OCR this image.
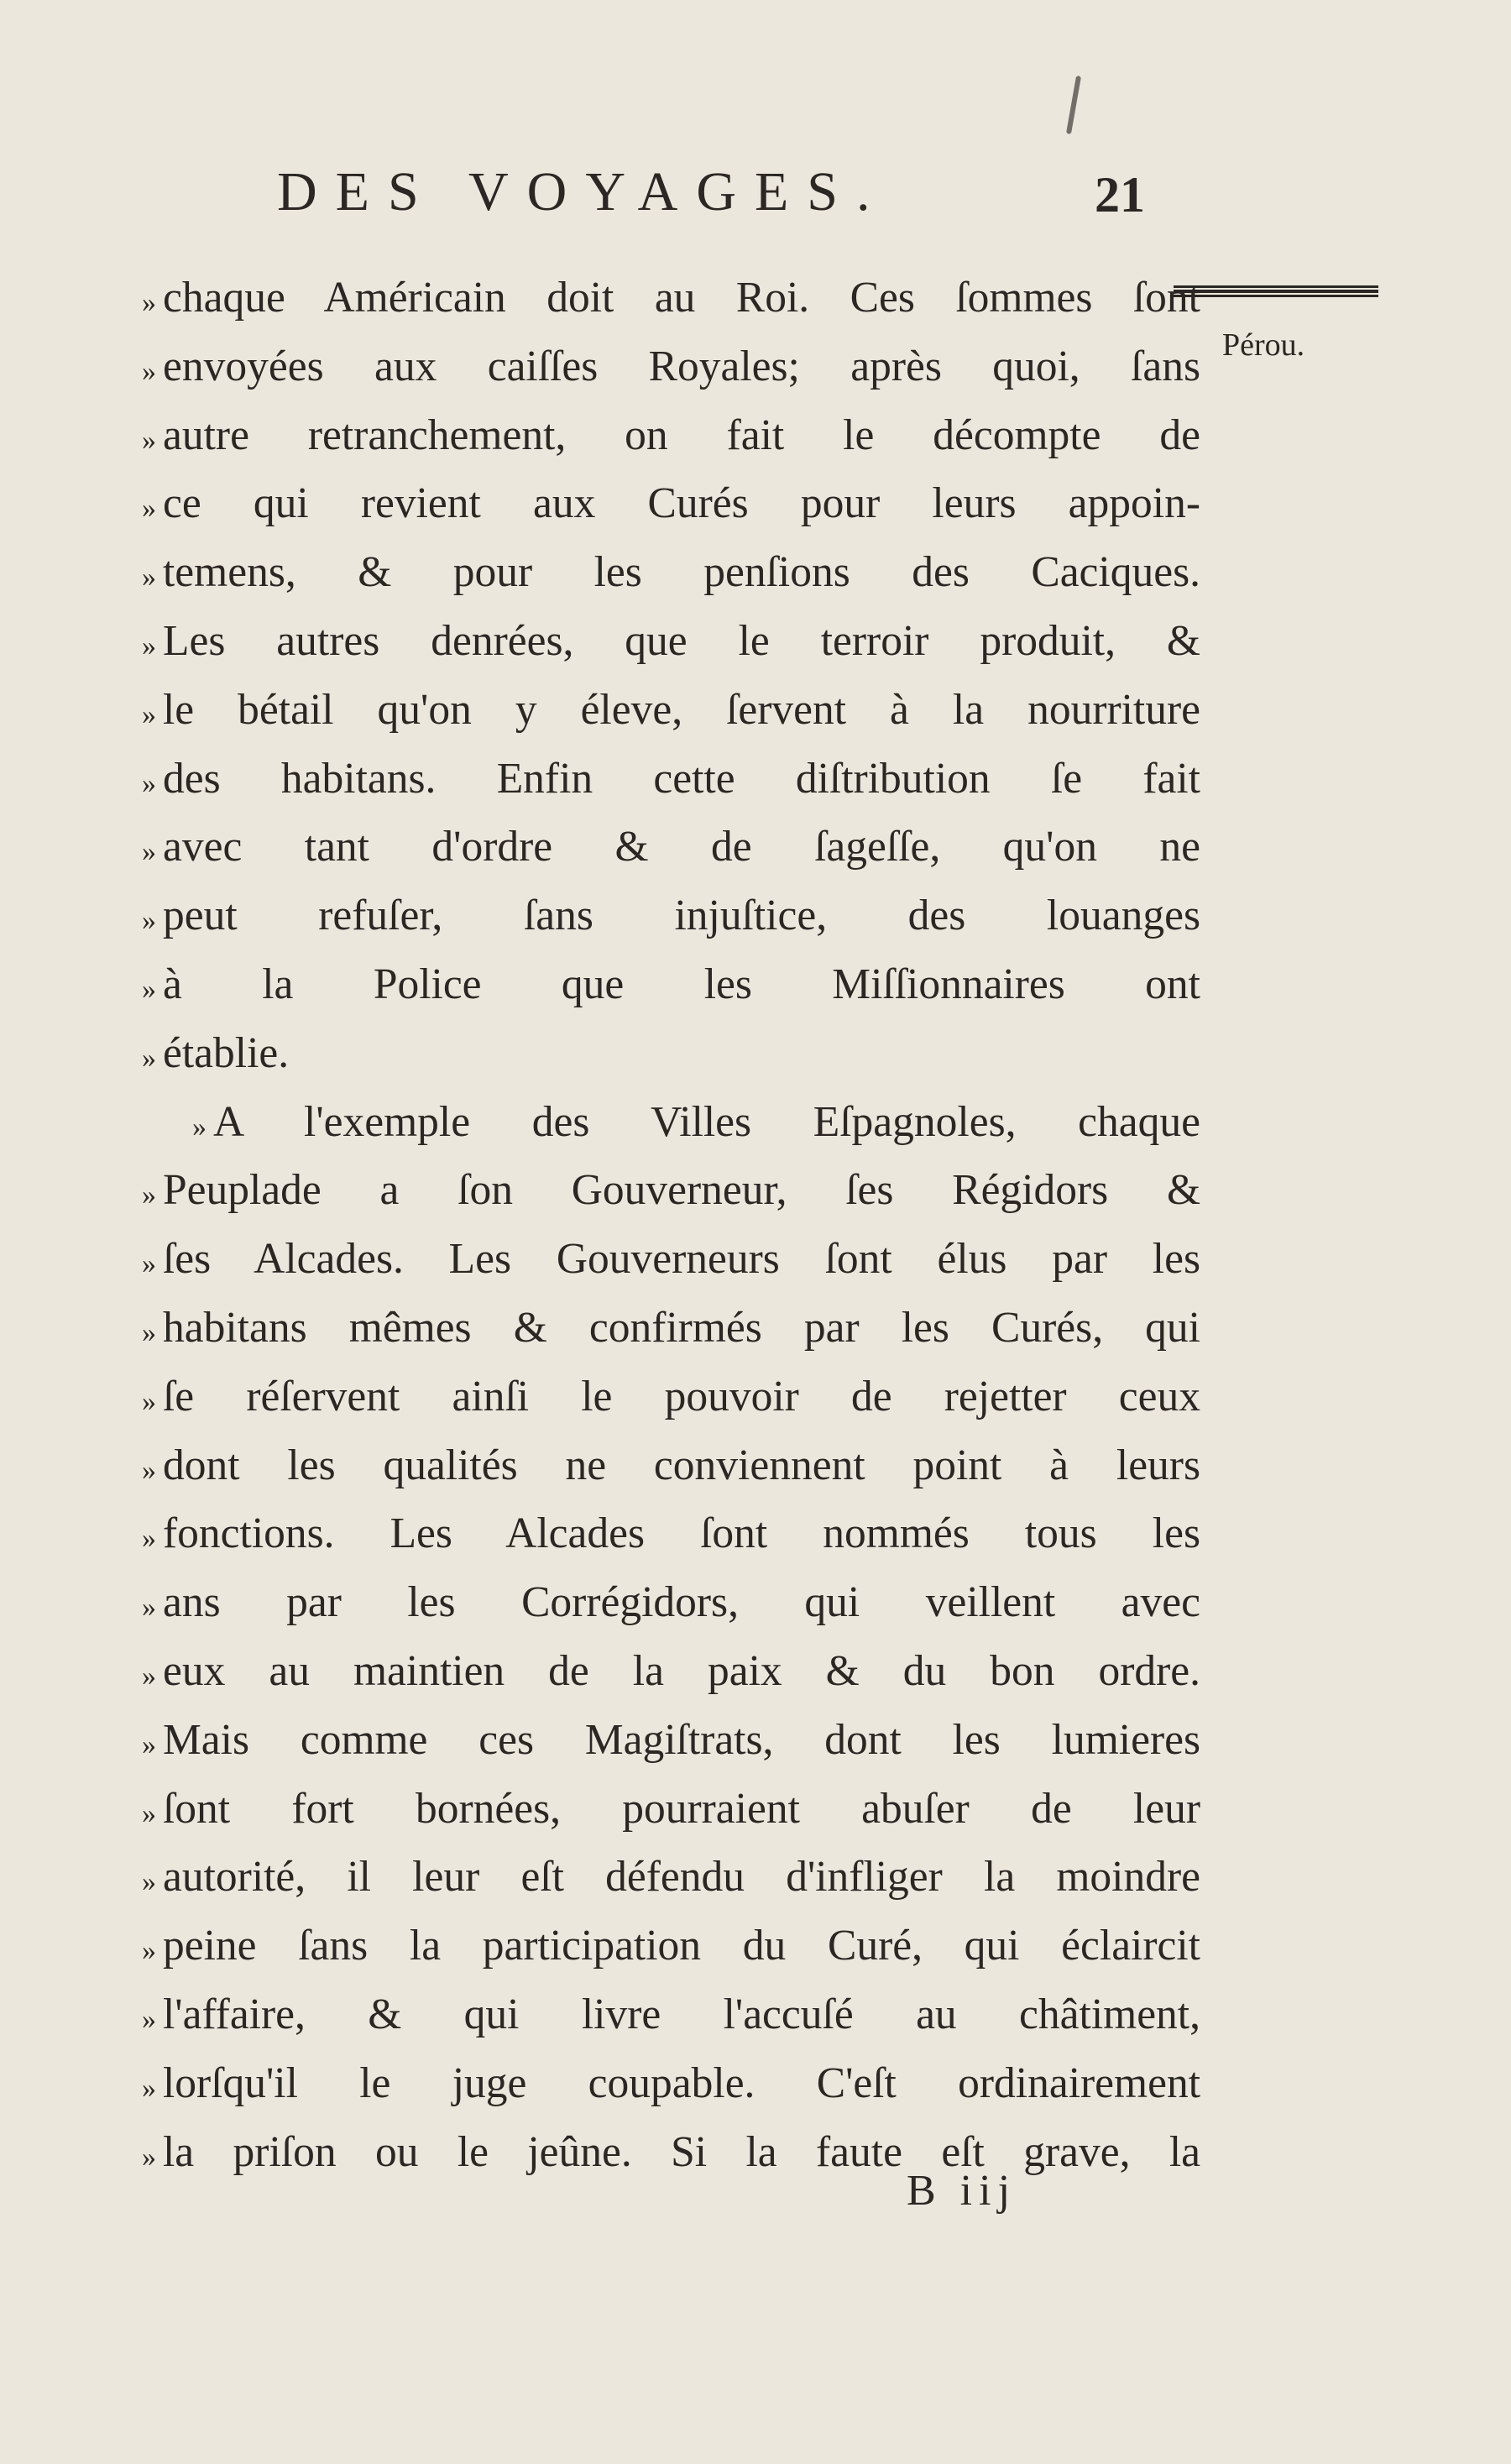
DES VOYAGES.	21
Pérou.
» chaque Américain doit au Roi. Ces ſommes ſont
» envoyées aux caiſſes Royales; après quoi, ſans
» autre retranchement, on fait le décompte de
» ce qui revient aux Curés pour leurs appoin-
» temens, & pour les penſions des Caciques.
» Les autres denrées, que le terroir produit, &
» le bétail qu'on y éleve, ſervent à la nourriture
» des habitans. Enfin cette diſtribution ſe fait
» avec tant d'ordre & de ſageſſe, qu'on ne
» peut refuſer, ſans injuſtice, des louanges
» à la Police que les Miſſionnaires ont
» établie.
» A l'exemple des Villes Eſpagnoles, chaque
» Peuplade a ſon Gouverneur, ſes Régidors &
» ſes Alcades. Les Gouverneurs ſont élus par les
» habitans mêmes & confirmés par les Curés, qui
» ſe réſervent ainſi le pouvoir de rejetter ceux
» dont les qualités ne conviennent point à leurs
» fonctions. Les Alcades ſont nommés tous les
» ans par les Corrégidors, qui veillent avec
» eux au maintien de la paix & du bon ordre.
» Mais comme ces Magiſtrats, dont les lumieres
» ſont fort bornées, pourraient abuſer de leur
» autorité, il leur eſt défendu d'infliger la moindre
» peine ſans la participation du Curé, qui éclaircit
» l'affaire, & qui livre l'accuſé au châtiment,
» lorſqu'il le juge coupable. C'eſt ordinairement
» la priſon ou le jeûne. Si la faute eſt grave, la
B iij
